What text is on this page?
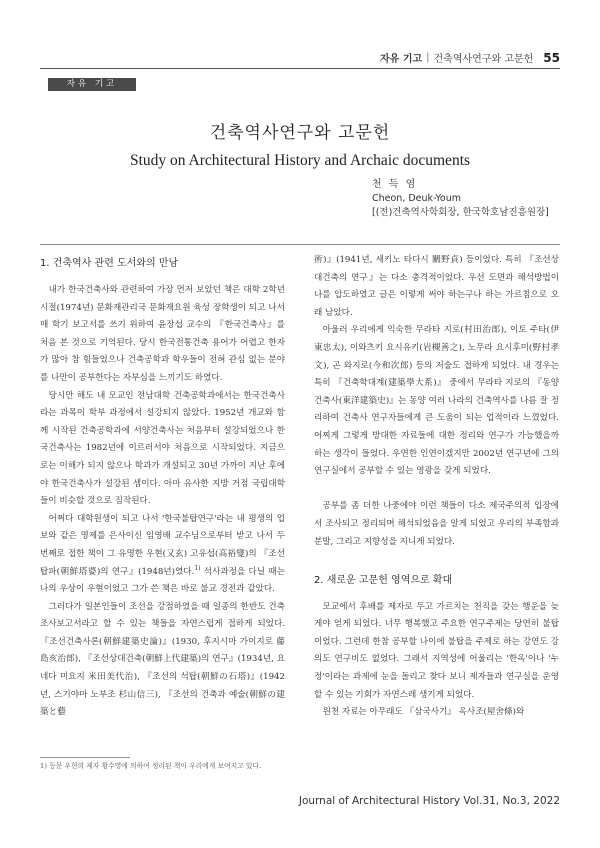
자유 기고 | 건축역사연구와 고문헌 55
자유 기고
건축역사연구와 고문헌
Study on Architectural History and Archaic documents
천 득 염
Cheon, Deuk-Youm
[(전)건축역사학회장, 한국학호남진흥원장]
1. 건축역사 관련 도서와의 만남

내가 한국건축사와 관련하여 가장 먼저 보았던 책은 대학 2학년 시절(1974년) 문화재관리국 문화재요원 육성 장학생이 되고 나서 매 학기 보고서를 쓰기 위하여 윤장섭 교수의 『한국건축사』를 처음 본 것으로 기억된다. 당시 한국전통건축 용어가 어렵고 한자가 많아 참 힘들었으나 건축공학과 학우들이 전혀 관심 없는 분야를 나만이 공부한다는 자부심을 느끼기도 하였다.

당시만 해도 내 모교인 전남대학 건축공학과에서는 한국건축사라는 과목이 학부 과정에서 설강되지 않았다. 1952년 개교와 함께 시작된 건축공학과에 서양건축사는 처음부터 설강되었으나 한국건축사는 1982년에 이르러서야 처음으로 시작되었다. 지금으로는 이해가 되지 않으나 학과가 개설되고 30년 가까이 지난 후에야 한국건축사가 설강된 셈이다. 아마 유사한 지방 거점 국립대학들이 비슷할 것으로 짐작된다.

어쩌다 대학원생이 되고 나서 '한국불탑연구'라는 내 평생의 업보와 같은 명제를 은사이신 임영배 교수님으로부터 받고 나서 두 번째로 접한 책이 그 유명한 우현(又玄) 고유섭(高裕燮)의 『조선탑파(朝鮮塔婆)의 연구』(1948년)였다.$^{1)}$ 석사과정을 다닐 때는 나의 우상이 우현이었고 그가 쓴 책은 바로 불교 경전과 같았다.

그러다가 일본인들이 조선을 강점하였을 때 일종의 한반도 건축 조사보고서라고 할 수 있는 책들을 자연스럽게 접하게 되었다. 『조선건축사론(朝鮮建築史論)』(1930, 후지시마 가이지로 藤島亥治郎), 『조선상대건축(朝鮮上代建築)의 연구』(1934년, 요네다 미요지 米田美代治), 『조선의 석탑(朝鮮の石塔)』(1942년, 스기야마 노부조 杉山信三), 『조선의 건축과 예술(朝鮮の建築と藝

1) 등문 우현의 제자 황수영에 의하여 정리된 책이 우리에게 보여지고 있다.

術)』(1941년, 세키노 타다시 關野貞) 등이었다. 특히 『조선상대건축의 연구』는 다소 충격적이었다. 우선 도면과 해석방법이 나를 압도하였고 글은 이렇게 써야 하는구나 하는 가르침으로 오래 남았다.

아울러 우리에게 익숙한 무라타 지로(村田治郎), 이토 주타(伊東忠太), 이와츠키 요시유키(岩槻善之), 노무라 요시후미(野村孝文), 곤 와지로(今和次郎) 등의 저술도 접하게 되었다. 내 경우는 특히 『건축학대계(建築學大系)』 중에서 무라타 지로의 『동양건축사(東洋建築史)』는 동양 여러 나라의 건축역사를 나름 잘 정리하여 건축사 연구자들에게 큰 도움이 되는 업적이라 느꼈었다. 어찌게 그렇게 방대한 자료들에 대한 정리와 연구가 가능했을까 하는 생각이 들었다. 우연한 인연이겠지만 2002년 연구년에 그의 연구실에서 공부할 수 있는 영광을 갖게 되었다.

공부를 좀 더한 나중에야 이런 책들이 다소 제국주의적 입장에서 조사되고 정리되며 해석되었음을 알게 되었고 우리의 부족함과 분발, 그리고 지향성을 지니게 되었다.

2. 새로운 고문헌 영역으로 확대

모교에서 후배를 제자로 두고 가르치는 천직을 갖는 행운을 늦게야 얻게 되었다. 너무 행복했고 주요한 연구주제는 당연히 불탑이었다. 그런데 한참 공부할 나이에 불탑을 주제로 하는 강연도 강의도 연구비도 없었다. 그래서 지역성에 어울리는 '한옥'이나 '누정'이라는 과제에 눈을 돌리고 찾다 보니 제자들과 연구실을 운영할 수 있는 기회가 자연스레 생기게 되었다.

원천 자료는 아무래도 『삼국사기』 옥사조(屋舍條)와

Journal of Architectural History Vol.31, No.3, 2022
